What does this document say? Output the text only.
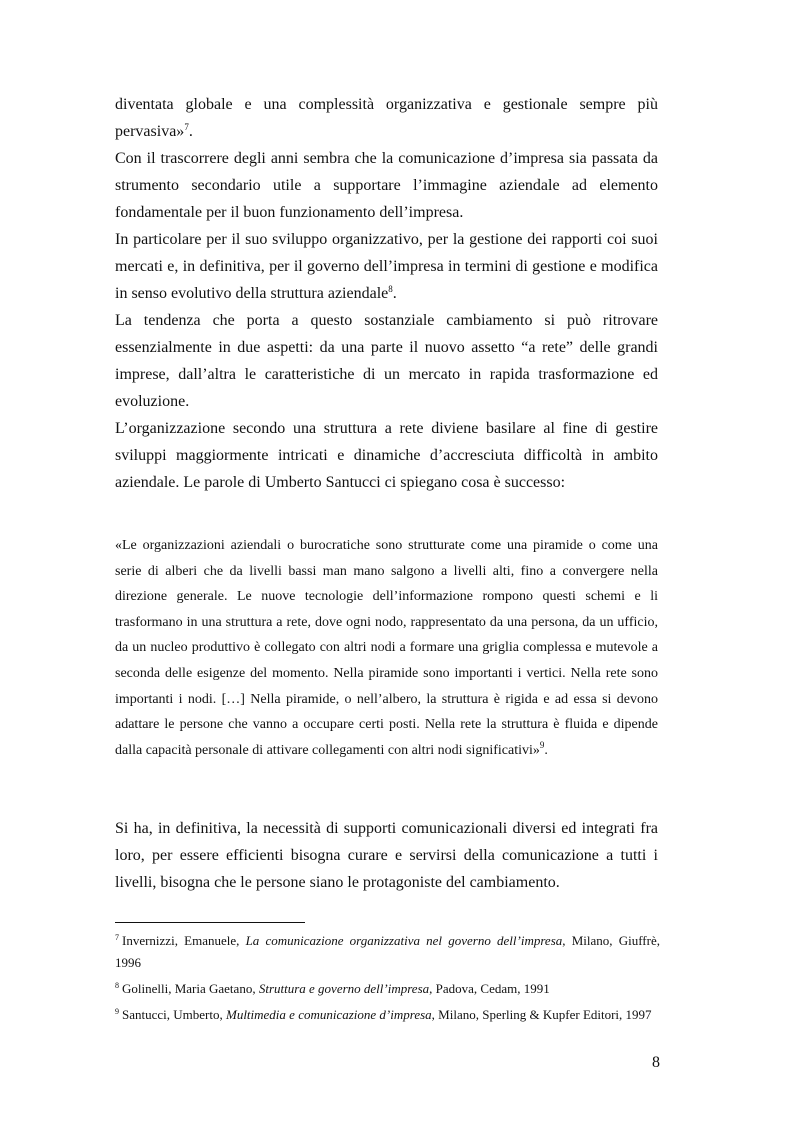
diventata globale e una complessità organizzativa e gestionale sempre più pervasiva»$^7$.

Con il trascorrere degli anni sembra che la comunicazione d’impresa sia passata da strumento secondario utile a supportare l’immagine aziendale ad elemento fondamentale per il buon funzionamento dell’impresa.

In particolare per il suo sviluppo organizzativo, per la gestione dei rapporti coi suoi mercati e, in definitiva, per il governo dell’impresa in termini di gestione e modifica in senso evolutivo della struttura aziendale$^8$.

La tendenza che porta a questo sostanziale cambiamento si può ritrovare essenzialmente in due aspetti: da una parte il nuovo assetto “a rete” delle grandi imprese, dall’altra le caratteristiche di un mercato in rapida trasformazione ed evoluzione.

L’organizzazione secondo una struttura a rete diviene basilare al fine di gestire sviluppi maggiormente intricati e dinamiche d’accresciuta difficoltà in ambito aziendale. Le parole di Umberto Santucci ci spiegano cosa è successo:

«Le organizzazioni aziendali o burocratiche sono strutturate come una piramide o come una serie di alberi che da livelli bassi man mano salgono a livelli alti, fino a convergere nella direzione generale. Le nuove tecnologie dell’informazione rompono questi schemi e li trasformano in una struttura a rete, dove ogni nodo, rappresentato da una persona, da un ufficio, da un nucleo produttivo è collegato con altri nodi a formare una griglia complessa e mutevole a seconda delle esigenze del momento. Nella piramide sono importanti i vertici. Nella rete sono importanti i nodi. […] Nella piramide, o nell’albero, la struttura è rigida e ad essa si devono adattare le persone che vanno a occupare certi posti. Nella rete la struttura è fluida e dipende dalla capacità personale di attivare collegamenti con altri nodi significativi»$^9$.

Si ha, in definitiva, la necessità di supporti comunicazionali diversi ed integrati fra loro, per essere efficienti bisogna curare e servirsi della comunicazione a tutti i livelli, bisogna che le persone siano le protagoniste del cambiamento.

$^7$ Invernizzi, Emanuele, La comunicazione organizzativa nel governo dell’impresa, Milano, Giuffrè, 1996

$^8$ Golinelli, Maria Gaetano, Struttura e governo dell’impresa, Padova, Cedam, 1991

$^9$ Santucci, Umberto, Multimedia e comunicazione d’impresa, Milano, Sperling & Kupfer Editori, 1997

8
